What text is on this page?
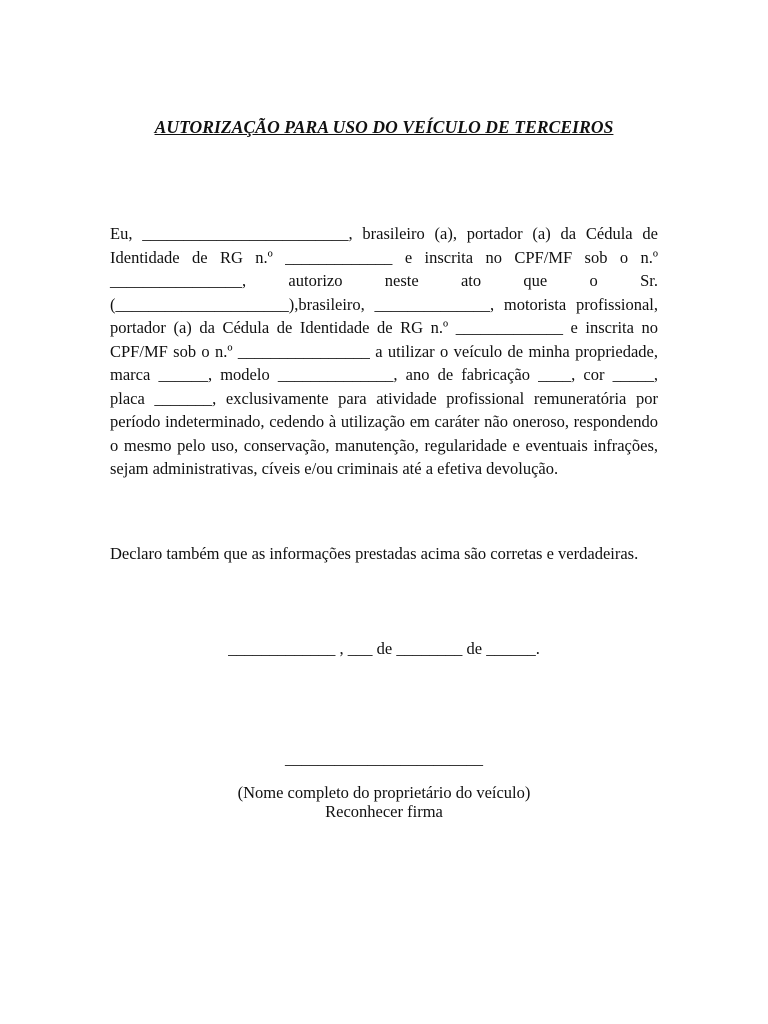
AUTORIZAÇÃO PARA USO DO VEÍCULO DE TERCEIROS
Eu, _________________________, brasileiro (a), portador (a) da Cédula de Identidade de RG n.º _____________ e inscrita no CPF/MF sob o n.º ________________, autorizo neste ato que o Sr. (_____________________),brasileiro, ______________, motorista profissional, portador (a) da Cédula de Identidade de RG n.º _____________ e inscrita no CPF/MF sob o n.º ________________ a utilizar o veículo de minha propriedade, marca ______, modelo ______________, ano de fabricação ____, cor _____, placa _______, exclusivamente para atividade profissional remuneratória por período indeterminado, cedendo à utilização em caráter não oneroso, respondendo o mesmo pelo uso, conservação, manutenção, regularidade e eventuais infrações, sejam administrativas, cíveis e/ou criminais até a efetiva devolução.
Declaro também que as informações prestadas acima são corretas e verdadeiras.
_____________ , ___ de ________ de ______.
________________________
(Nome completo do proprietário do veículo)
Reconhecer firma
